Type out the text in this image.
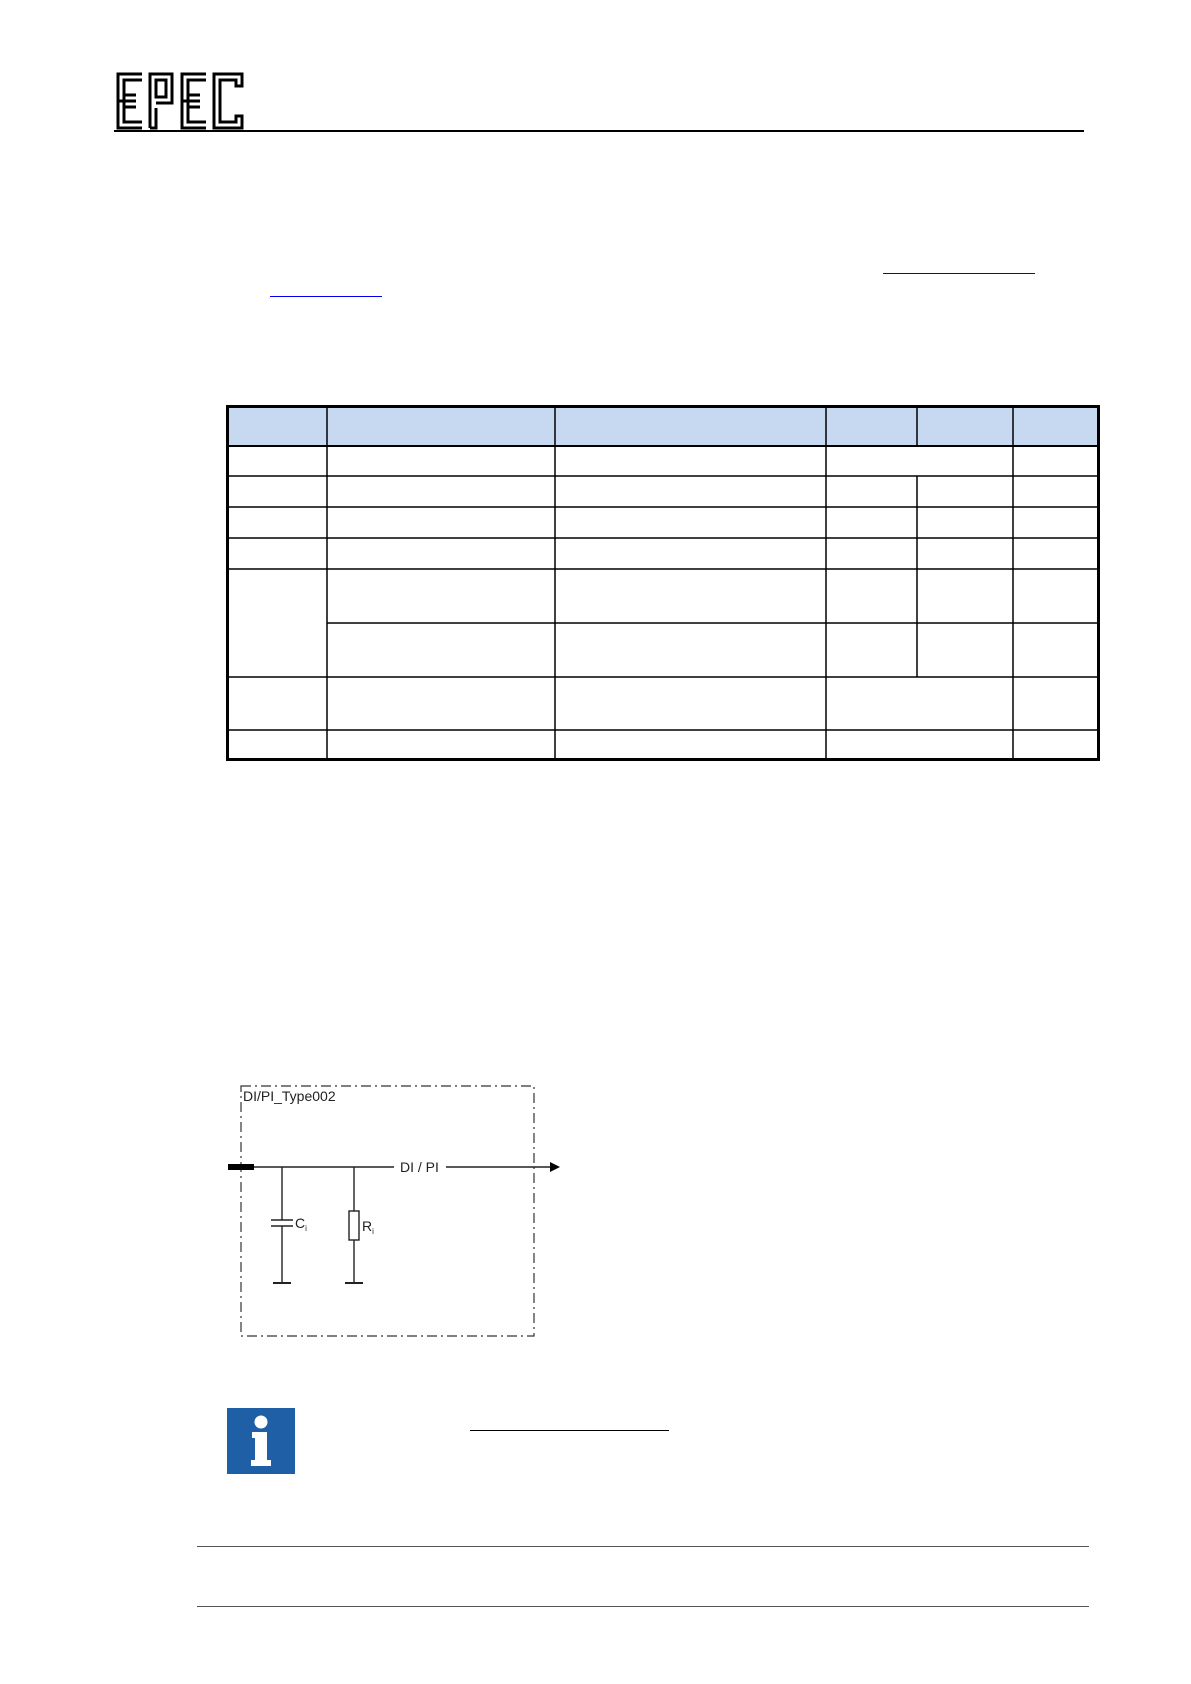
DI/PI_Type002
DI / PI
$C_i$	$R_i$
